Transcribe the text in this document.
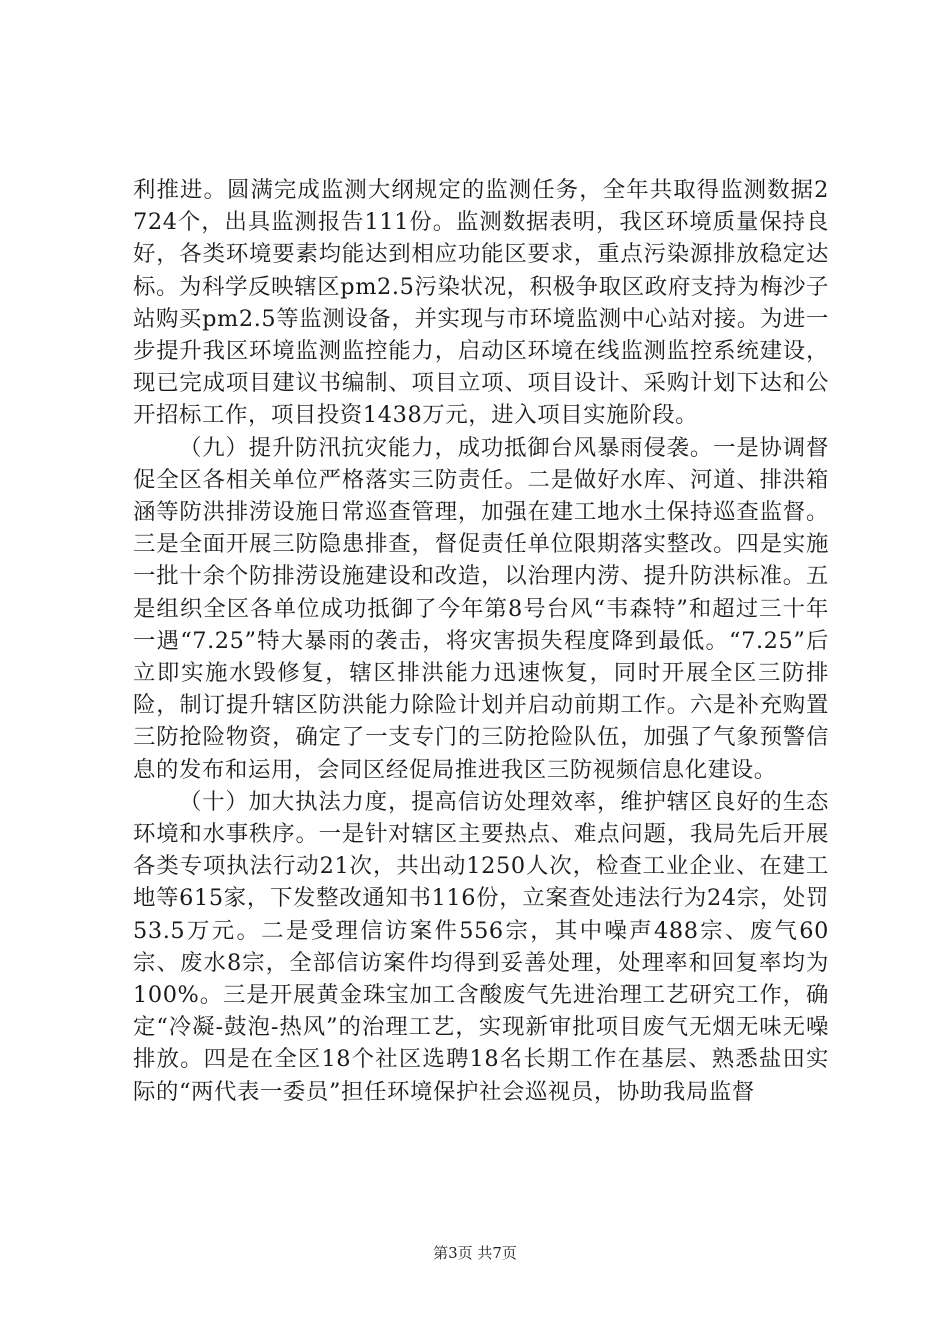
利推进。圆满完成监测大纲规定的监测任务，全年共取得监测数据2724个，出具监测报告111份。监测数据表明，我区环境质量保持良好，各类环境要素均能达到相应功能区要求，重点污染源排放稳定达标。为科学反映辖区pm2.5污染状况，积极争取区政府支持为梅沙子站购买pm2.5等监测设备，并实现与市环境监测中心站对接。为进一步提升我区环境监测监控能力，启动区环境在线监测监控系统建设，现已完成项目建议书编制、项目立项、项目设计、采购计划下达和公开招标工作，项目投资1438万元，进入项目实施阶段。

（九）提升防汛抗灾能力，成功抵御台风暴雨侵袭。一是协调督促全区各相关单位严格落实三防责任。二是做好水库、河道、排洪箱涵等防洪排涝设施日常巡查管理，加强在建工地水土保持巡查监督。三是全面开展三防隐患排查，督促责任单位限期落实整改。四是实施一批十余个防排涝设施建设和改造，以治理内涝、提升防洪标准。五是组织全区各单位成功抵御了今年第8号台风“韦森特”和超过三十年一遇“7.25”特大暴雨的袭击，将灾害损失程度降到最低。“7.25”后立即实施水毁修复，辖区排洪能力迅速恢复，同时开展全区三防排险，制订提升辖区防洪能力除险计划并启动前期工作。六是补充购置三防抢险物资，确定了一支专门的三防抢险队伍，加强了气象预警信息的发布和运用，会同区经促局推进我区三防视频信息化建设。

（十）加大执法力度，提高信访处理效率，维护辖区良好的生态环境和水事秩序。一是针对辖区主要热点、难点问题，我局先后开展各类专项执法行动21次，共出动1250人次，检查工业企业、在建工地等615家，下发整改通知书116份，立案查处违法行为24宗，处罚53.5万元。二是受理信访案件556宗，其中噪声488宗、废气60宗、废水8宗，全部信访案件均得到妥善处理，处理率和回复率均为100%。三是开展黄金珠宝加工含酸废气先进治理工艺研究工作，确定“冷凝-鼓泡-热风”的治理工艺，实现新审批项目废气无烟无味无噪排放。四是在全区18个社区选聘18名长期工作在基层、熟悉盐田实际的“两代表一委员”担任环境保护社会巡视员，协助我局监督

第3页 共7页
